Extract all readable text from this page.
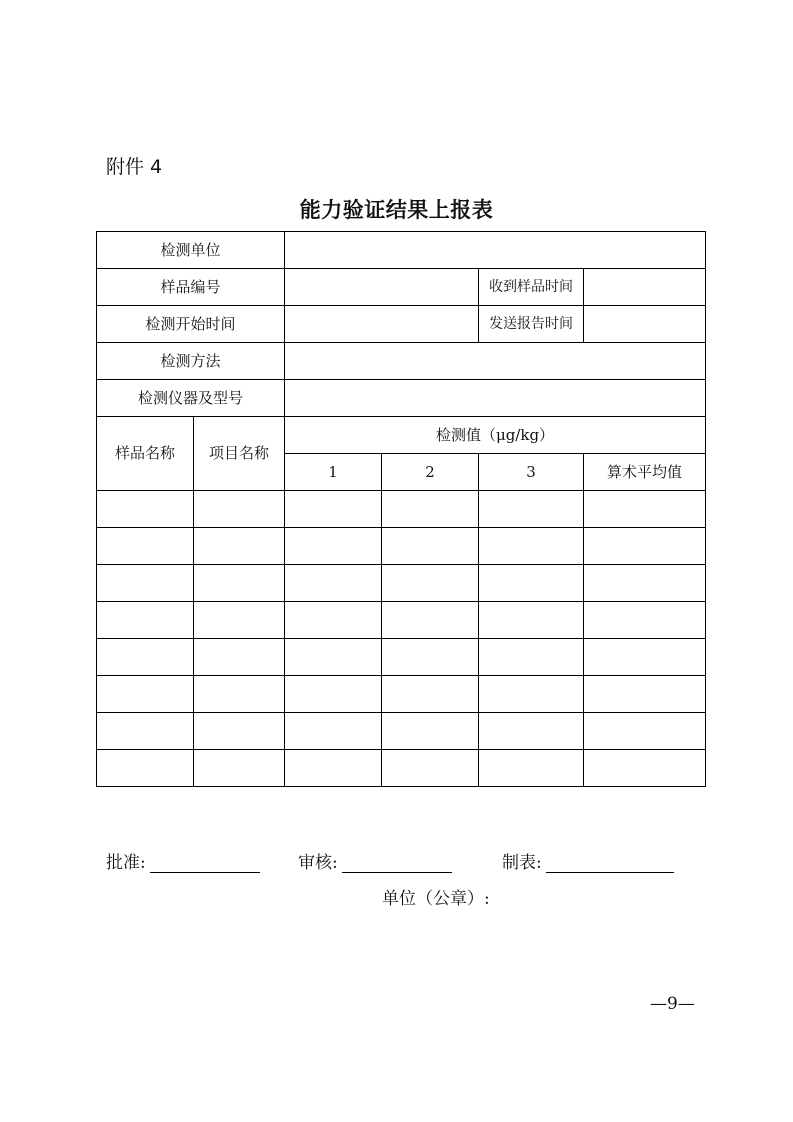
附件 4
能力验证结果上报表
检测单位					
样品编号				收到样品时间	
检测开始时间				发送报告时间	
检测方法					
检测仪器及型号					
样品名称	项目名称	检测值（μg/kg）			
		1	2	3	算术平均值

批准:	审核:	制表:
单位（公章）:
—9—
